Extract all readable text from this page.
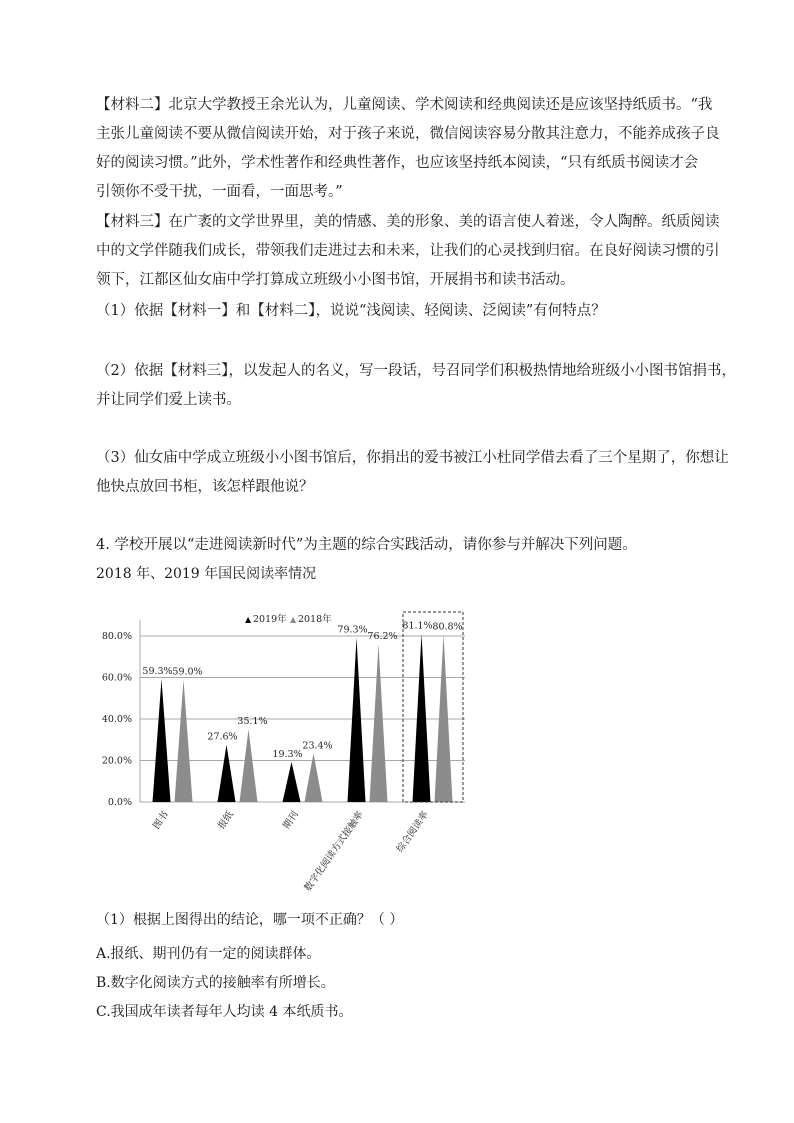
【材料二】北京大学教授王余光认为，儿童阅读、学术阅读和经典阅读还是应该坚持纸质书。“我
主张儿童阅读不要从微信阅读开始，对于孩子来说，微信阅读容易分散其注意力，不能养成孩子良
好的阅读习惯。”此外，学术性著作和经典性著作，也应该坚持纸本阅读，“只有纸质书阅读才会
引领你不受干扰，一面看，一面思考。”
【材料三】在广袤的文学世界里，美的情感、美的形象、美的语言使人着迷，令人陶醉。纸质阅读
中的文学伴随我们成长，带领我们走进过去和未来，让我们的心灵找到归宿。在良好阅读习惯的引
领下，江都区仙女庙中学打算成立班级小小图书馆，开展捐书和读书活动。
（1）依据【材料一】和【材料二】，说说“浅阅读、轻阅读、泛阅读”有何特点？
（2）依据【材料三】，以发起人的名义，写一段话，号召同学们积极热情地给班级小小图书馆捐书，
并让同学们爱上读书。
（3）仙女庙中学成立班级小小图书馆后，你捐出的爱书被江小杜同学借去看了三个星期了，你想让
他快点放回书柜，该怎样跟他说？
4. 学校开展以“走进阅读新时代”为主题的综合实践活动，请你参与并解决下列问题。
2018 年、2019 年国民阅读率情况
80.0%
60.0%
40.0%
20.0%
0.0%
59.3% 59.0%
图书
27.6%
35.1%
报纸
19.3%
23.4%
期刊
79.3%
76.2%
数字化阅读方式接触率
81.1% 80.8%
综合阅读率
▲ 2019年 ▲ 2018年
（1）根据上图得出的结论，哪一项不正确？（ ）
A.报纸、期刊仍有一定的阅读群体。
B.数字化阅读方式的接触率有所增长。
C.我国成年读者每年人均读 4 本纸质书。
